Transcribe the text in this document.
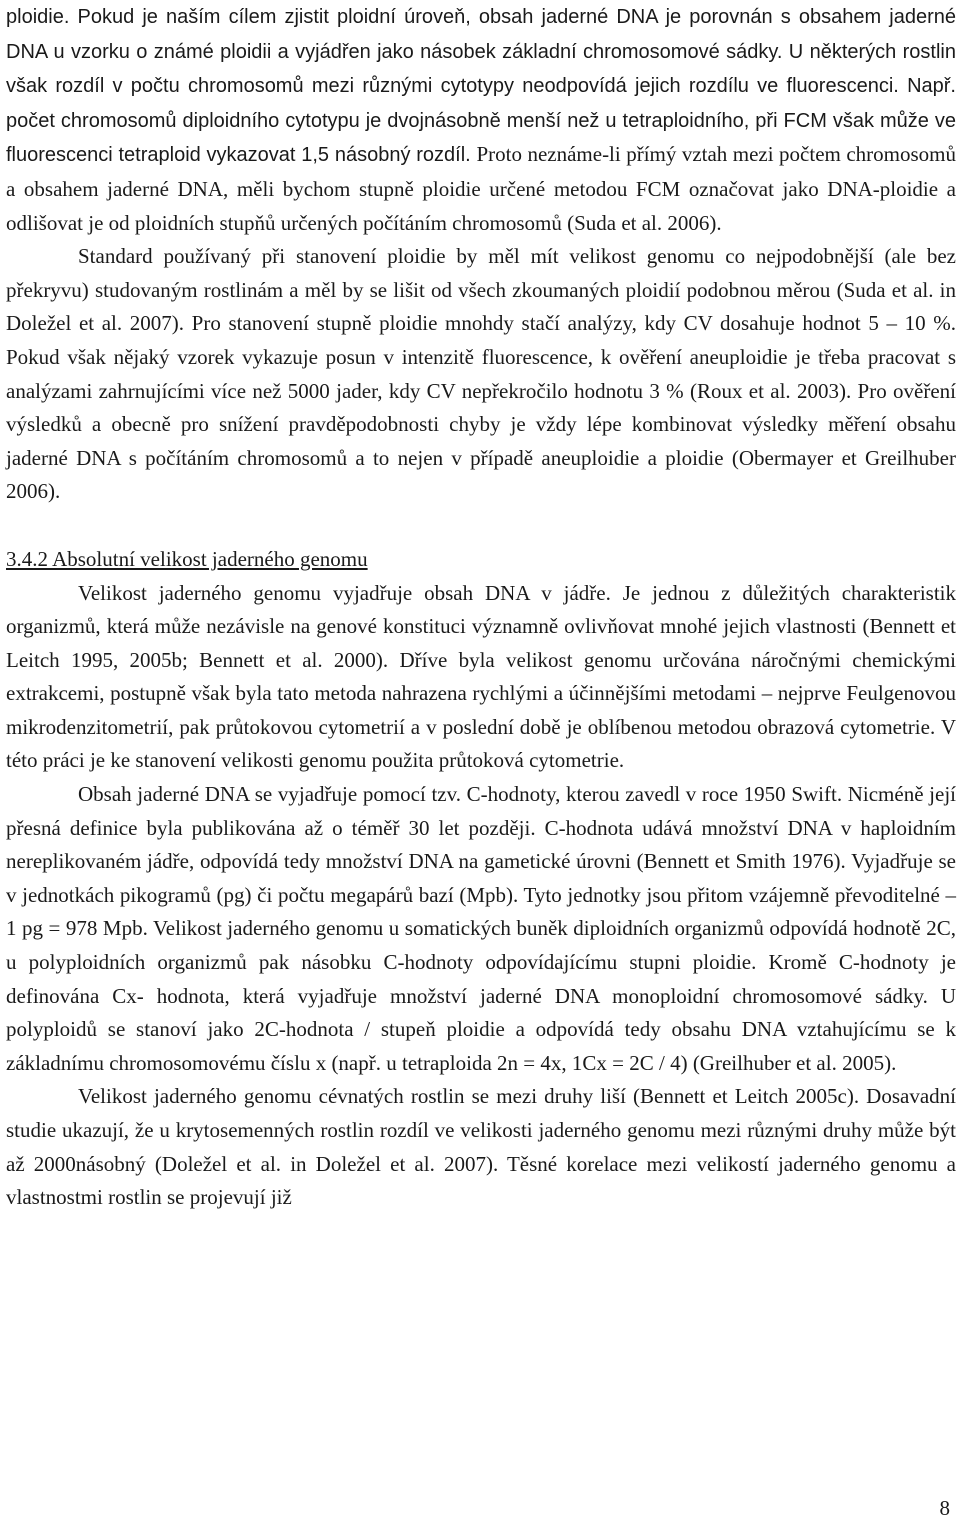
ploidie. Pokud je naším cílem zjistit ploidní úroveň, obsah jaderné DNA je porovnán s obsahem jaderné DNA u vzorku o známé ploidii a vyjádřen jako násobek základní chromosomové sádky. U některých rostlin však rozdíl v počtu chromosomů mezi různými cytotypy neodpovídá jejich rozdílu ve fluorescenci. Např. počet chromosomů diploidního cytotypu je dvojnásobně menší než u tetraploidního, při FCM však může ve fluorescenci tetraploid vykazovat 1,5 násobný rozdíl. Proto neznáme-li přímý vztah mezi počtem chromosomů a obsahem jaderné DNA, měli bychom stupně ploidie určené metodou FCM označovat jako DNA-ploidie a odlišovat je od ploidních stupňů určených počítáním chromosomů (Suda et al. 2006).

Standard používaný při stanovení ploidie by měl mít velikost genomu co nejpodobnější (ale bez překryvu) studovaným rostlinám a měl by se lišit od všech zkoumaných ploidií podobnou měrou (Suda et al. in Doležel et al. 2007). Pro stanovení stupně ploidie mnohdy stačí analýzy, kdy CV dosahuje hodnot 5 – 10 %. Pokud však nějaký vzorek vykazuje posun v intenzitě fluorescence, k ověření aneuploidie je třeba pracovat s analýzami zahrnujícími více než 5000 jader, kdy CV nepřekročilo hodnotu 3 % (Roux et al. 2003). Pro ověření výsledků a obecně pro snížení pravděpodobnosti chyby je vždy lépe kombinovat výsledky měření obsahu jaderné DNA s počítáním chromosomů a to nejen v případě aneuploidie a ploidie (Obermayer et Greilhuber 2006).

3.4.2 Absolutní velikost jaderného genomu

Velikost jaderného genomu vyjadřuje obsah DNA v jádře. Je jednou z důležitých charakteristik organizmů, která může nezávisle na genové konstituci významně ovlivňovat mnohé jejich vlastnosti (Bennett et Leitch 1995, 2005b; Bennett et al. 2000). Dříve byla velikost genomu určována náročnými chemickými extrakcemi, postupně však byla tato metoda nahrazena rychlými a účinnějšími metodami – nejprve Feulgenovou mikrodenzitometrií, pak průtokovou cytometrií a v poslední době je oblíbenou metodou obrazová cytometrie. V této práci je ke stanovení velikosti genomu použita průtoková cytometrie.

Obsah jaderné DNA se vyjadřuje pomocí tzv. C-hodnoty, kterou zavedl v roce 1950 Swift. Nicméně její přesná definice byla publikována až o téměř 30 let později. C-hodnota udává množství DNA v haploidním nereplikovaném jádře, odpovídá tedy množství DNA na gametické úrovni (Bennett et Smith 1976). Vyjadřuje se v jednotkách pikogramů (pg) či počtu megapárů bazí (Mpb). Tyto jednotky jsou přitom vzájemně převoditelné – 1 pg = 978 Mpb. Velikost jaderného genomu u somatických buněk diploidních organizmů odpovídá hodnotě 2C, u polyploidních organizmů pak násobku C-hodnoty odpovídajícímu stupni ploidie. Kromě C-hodnoty je definována Cx- hodnota, která vyjadřuje množství jaderné DNA monoploidní chromosomové sádky. U polyploidů se stanoví jako 2C-hodnota / stupeň ploidie a odpovídá tedy obsahu DNA vztahujícímu se k základnímu chromosomovému číslu x (např. u tetraploida 2n = 4x, 1Cx = 2C / 4) (Greilhuber et al. 2005).

Velikost jaderného genomu cévnatých rostlin se mezi druhy liší (Bennett et Leitch 2005c). Dosavadní studie ukazují, že u krytosemenných rostlin rozdíl ve velikosti jaderného genomu mezi různými druhy může být až 2000násobný (Doležel et al. in Doležel et al. 2007). Těsné korelace mezi velikostí jaderného genomu a vlastnostmi rostlin se projevují již

8
